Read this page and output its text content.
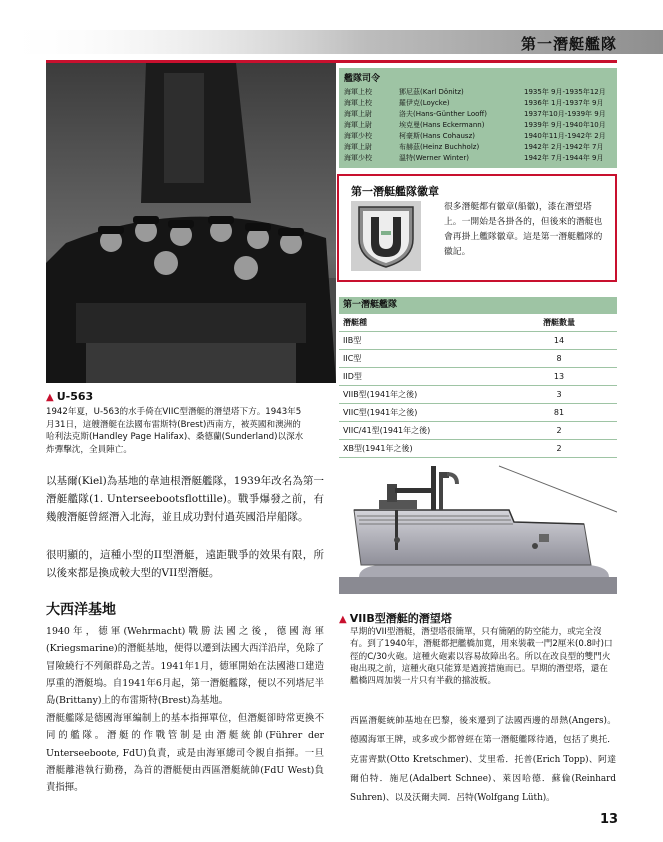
第一潛艇艦隊
▲ U-563
1942年夏，U-563的水手倚在VIIC型潛艇的潛望塔下方。1943年5月31日，這艘潛艇在法國布雷斯特(Brest)西南方，被英國和澳洲的哈利法克斯(Handley Page Halifax)、桑德蘭(Sunderland)以深水炸彈擊沈，全員陣亡。
艦隊司令
海軍上校	鄧尼茲(Karl Dönitz)	1935年 9月-1935年12月
海軍上校	羅伊克(Loycke)	1936年 1月-1937年 9月
海軍上尉	洛夫(Hans-Günther Looff)	1937年10月-1939年 9月
海軍上尉	埃克曼(Hans Eckermann)	1939年 9月-1940年10月
海軍少校	柯豪斯(Hans Cohausz)	1940年11月-1942年 2月
海軍上尉	布赫茲(Heinz Buchholz)	1942年 2月-1942年 7月
海軍少校	溫特(Werner Winter)	1942年 7月-1944年 9月
第一潛艇艦隊徽章
很多潛艇都有徽章(船徽)，漆在潛望塔上。一開始是各掛各的，但後來的潛艇也會再掛上艦隊徽章。這是第一潛艇艦隊的徽記。
第一潛艇艦隊
潛艇種	潛艇數量
IIB型	14
IIC型	8
IID型	13
VIIB型(1941年之後)	3
VIIC型(1941年之後)	81
VIIC/41型(1941年之後)	2
XB型(1941年之後)	2
以基爾(Kiel)為基地的韋迪根潛艇艦隊，1939年改名為第一潛艇艦隊(1. Unterseebootsflottille)。戰爭爆發之前，有幾艘潛艇曾經潛入北海，並且成功對付過英國沿岸船隊。
很明顯的，這種小型的II型潛艇，遠距戰爭的效果有限，所以後來都是換成較大型的VII型潛艇。
大西洋基地
1940年，德軍(Wehrmacht)戰勝法國之後，德國海軍(Kriegsmarine)的潛艇基地，便得以遷到法國大西洋沿岸，免除了冒險繞行不列顛群島之苦。1941年1月，德軍開始在法國港口建造厚重的潛艇塢。自1941年6月起，第一潛艇艦隊，便以不列塔尼半島(Brittany)上的布雷斯特(Brest)為基地。
潛艇艦隊是德國海軍編制上的基本指揮單位，但潛艇卻時常更換不同的艦隊。潛艇的作戰管制是由潛艇統帥(Führer der Unterseeboote, FdU)負責，或是由海軍總司令親自指揮。一旦潛艇離港執行勤務，為首的潛艇便由西區潛艇統帥(FdU West)負責指揮。
▲ VIIB型潛艇的潛望塔
早期的VII型潛艇，潛望塔很簡單，只有簡陋的防空能力，或完全沒有。到了1940年，潛艇都把艦橋加寬，用來裝載一門2厘米(0.8吋)口徑的C/30火砲。這種火砲素以容易故障出名。所以在改良型的雙門火砲出現之前，這種火砲只能算是過渡措施而已。早期的潛望塔，還在艦橋四周加裝一片只有半截的擋波板。
西區潛艇統帥基地在巴黎，後來遷到了法國西邊的昂熱(Angers)。德國海軍王牌，或多或少都曾經在第一潛艇艦隊待過，包括了奧托．克雷齊默(Otto Kretschmer)、艾里希．托普(Erich Topp)、阿達爾伯特．施尼(Adalbert Schnee)、萊因哈德．蘇倫(Reinhard Suhren)、以及沃爾夫岡．呂特(Wolfgang Lüth)。
13
